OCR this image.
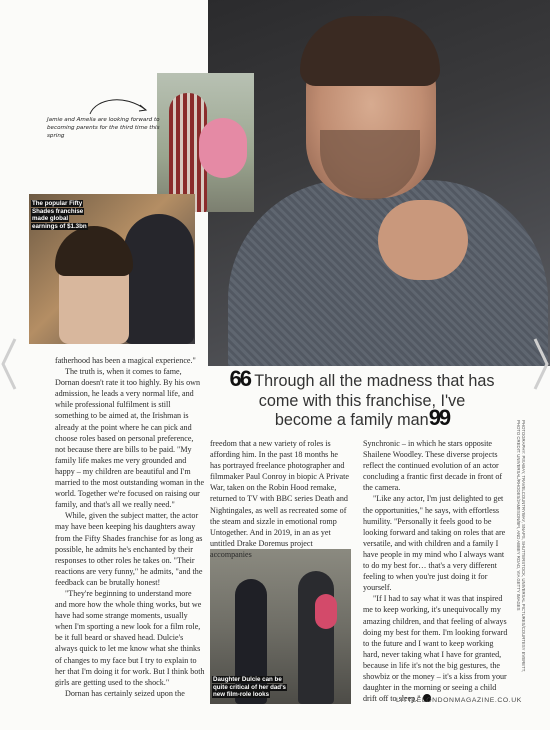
Jamie and Amelia are looking forward to becoming parents for the third time this spring
The popular Fifty Shades franchise made global earnings of $1.3bn
Daughter Dulcie can be quite critical of her dad's new film-role looks

fatherhood has been a magical experience."

The truth is, when it comes to fame, Dornan doesn't rate it too highly. By his own admission, he leads a very normal life, and while professional fulfilment is still something to be aimed at, the Irishman is already at the point where he can pick and choose roles based on personal preference, not because there are bills to be paid. "My family life makes me very grounded and happy – my children are beautiful and I'm married to the most outstanding woman in the world. Together we're focused on raising our family, and that's all we really need."

While, given the subject matter, the actor may have been keeping his daughters away from the Fifty Shades franchise for as long as possible, he admits he's enchanted by their responses to other roles he takes on. "Their reactions are very funny," he admits, "and the feedback can be brutally honest!

"They're beginning to understand more and more how the whole thing works, but we have had some strange moments, usually when I'm sporting a new look for a film role, be it full beard or shaved head. Dulcie's always quick to let me know what she thinks of changes to my face but I try to explain to her that I'm doing it for work. But I think both girls are getting used to the shock."

Dornan has certainly seized upon the

66 Through all the madness that has come with this franchise, I've become a family man99

freedom that a new variety of roles is affording him. In the past 18 months he has portrayed freelance photographer and filmmaker Paul Conroy in biopic A Private War, taken on the Robin Hood remake, returned to TV with BBC series Death and Nightingales, as well as recreated some of the steam and sizzle in emotional romp Untogether. And in 2019, in an as yet untitled Drake Doremus project accompanies

Synchronic – in which he stars opposite Shailene Woodley. These diverse projects reflect the continued evolution of an actor concluding a frantic first decade in front of the camera.

"Like any actor, I'm just delighted to get the opportunities," he says, with effortless humility. "Personally it feels good to be looking forward and taking on roles that are versatile, and with children and a family I have people in my mind who I always want to do my best for… that's a very different feeling to when you're just doing it for yourself.

"If I had to say what it was that inspired me to keep working, it's unequivocally my amazing children, and that feeling of always doing my best for them. I'm looking forward to the future and I want to keep working hard, never taking what I have for granted, because in life it's not the big gestures, the showbiz or the money – it's a kiss from your daughter in the morning or seeing a child drift off to sleep."

LITTLELONDONMAGAZINE.CO.UK
PHOTOGRAPHY: PIXABAY, TRAVELCOUNTRYWAY, SNAPS, SHUTTERSTOCK, UNIVERSAL PICTURES/COURTESY EVERETT, PHOTO CREDIT: UNIVERSAL/RHODES/JAMESON/BFI, AND ABBEY ROAD, VIA GETTY IMAGES
